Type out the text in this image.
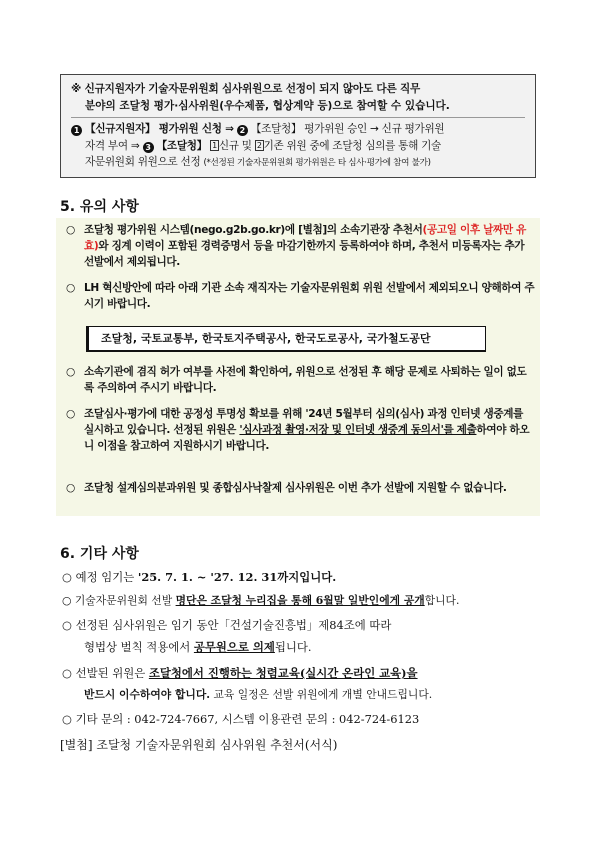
※ 신규지원자가 기술자문위원회 심사위원으로 선정이 되지 않아도 다른 직무
분야의 조달청 평가·심사위원(우수제품, 협상계약 등)으로 참여할 수 있습니다.
1 【신규지원자】 평가위원 신청 ⇒ 2 【조달청】 평가위원 승인 → 신규 평가위원
자격 부여 ⇒ 3 【조달청】 1 신규 및 2 기존 위원 중에 조달청 심의를 통해 기술
자문위원회 위원으로 선정 (*선정된 기술자문위원회 평가위원은 타 심사·평가에 참여 불가)
5. 유의 사항
○ 조달청 평가위원 시스템(nego.g2b.go.kr)에 [별첨]의 소속기관장 추천서(공고일 이후 날짜만 유효)와 징계 이력이 포함된 경력증명서 등을 마감기한까지 등록하여야 하며, 추천서 미등록자는 추가 선발에서 제외됩니다.
○ LH 혁신방안에 따라 아래 기관 소속 재직자는 기술자문위원회 위원 선발에서 제외되오니 양해하여 주시기 바랍니다.
조달청, 국토교통부, 한국토지주택공사, 한국도로공사, 국가철도공단
○ 소속기관에 겸직 허가 여부를 사전에 확인하여, 위원으로 선정된 후 해당 문제로 사퇴하는 일이 없도록 주의하여 주시기 바랍니다.
○ 조달심사·평가에 대한 공정성 투명성 확보를 위해 '24년 5월부터 심의(심사) 과정 인터넷 생중계를 실시하고 있습니다. 선정된 위원은 '심사과정 촬영·저장 및 인터넷 생중계 동의서'를 제출하여야 하오니 이점을 참고하여 지원하시기 바랍니다.
○ 조달청 설계심의분과위원 및 종합심사낙찰제 심사위원은 이번 추가 선발에 지원할 수 없습니다.
6. 기타 사항
○ 예정 임기는 '25. 7. 1. ~ '27. 12. 31까지입니다.
○ 기술자문위원회 선발 명단은 조달청 누리집을 통해 6월말 일반인에게 공개합니다.
○ 선정된 심사위원은 임기 동안「건설기술진흥법」제84조에 따라
형법상 벌칙 적용에서 공무원으로 의제됩니다.
○ 선발된 위원은 조달청에서 진행하는 청렴교육(실시간 온라인 교육)을
반드시 이수하여야 합니다. 교육 일정은 선발 위원에게 개별 안내드립니다.
○ 기타 문의 : 042-724-7667, 시스템 이용관련 문의 : 042-724-6123
[별첨] 조달청 기술자문위원회 심사위원 추천서(서식)
